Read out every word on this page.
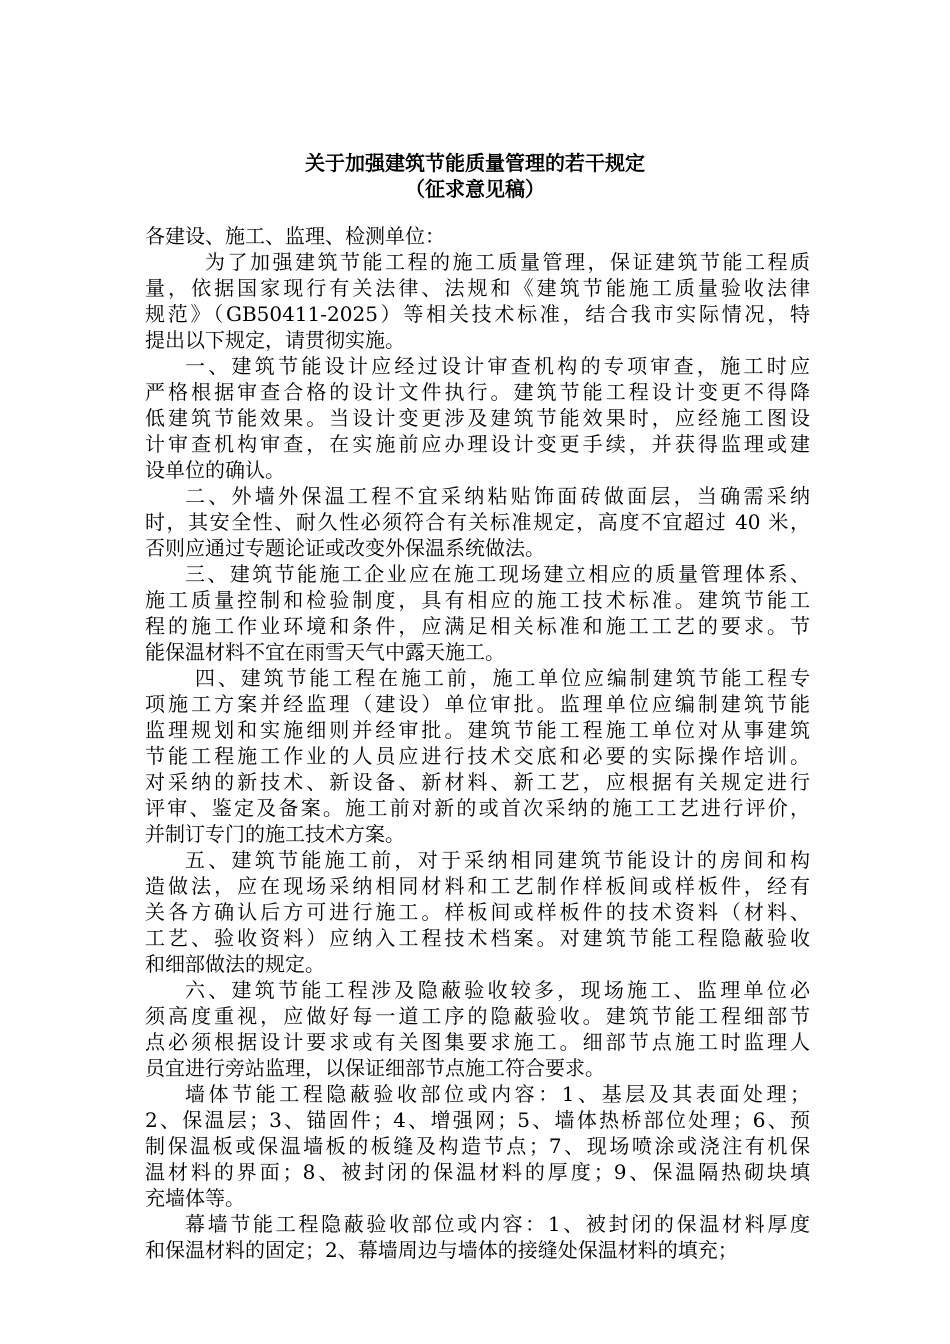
关于加强建筑节能质量管理的若干规定
（征求意见稿）
各建设、施工、监理、检测单位：
为了加强建筑节能工程的施工质量管理，保证建筑节能工程质
量，依据国家现行有关法律、法规和《建筑节能施工质量验收法律
规范》（GB50411-2025）等相关技术标准，结合我市实际情况，特
提出以下规定，请贯彻实施。
一、建筑节能设计应经过设计审查机构的专项审查，施工时应
严格根据审查合格的设计文件执行。建筑节能工程设计变更不得降
低建筑节能效果。当设计变更涉及建筑节能效果时，应经施工图设
计审查机构审查，在实施前应办理设计变更手续，并获得监理或建
设单位的确认。
二、外墙外保温工程不宜采纳粘贴饰面砖做面层，当确需采纳
时，其安全性、耐久性必须符合有关标准规定，高度不宜超过 40 米，
否则应通过专题论证或改变外保温系统做法。
三、建筑节能施工企业应在施工现场建立相应的质量管理体系、
施工质量控制和检验制度，具有相应的施工技术标准。建筑节能工
程的施工作业环境和条件，应满足相关标准和施工工艺的要求。节
能保温材料不宜在雨雪天气中露天施工。
四、建筑节能工程在施工前，施工单位应编制建筑节能工程专
项施工方案并经监理（建设）单位审批。监理单位应编制建筑节能
监理规划和实施细则并经审批。建筑节能工程施工单位对从事建筑
节能工程施工作业的人员应进行技术交底和必要的实际操作培训。
对采纳的新技术、新设备、新材料、新工艺，应根据有关规定进行
评审、鉴定及备案。施工前对新的或首次采纳的施工工艺进行评价，
并制订专门的施工技术方案。
五、建筑节能施工前，对于采纳相同建筑节能设计的房间和构
造做法，应在现场采纳相同材料和工艺制作样板间或样板件，经有
关各方确认后方可进行施工。样板间或样板件的技术资料（材料、
工艺、验收资料）应纳入工程技术档案。对建筑节能工程隐蔽验收
和细部做法的规定。
六、建筑节能工程涉及隐蔽验收较多，现场施工、监理单位必
须高度重视，应做好每一道工序的隐蔽验收。建筑节能工程细部节
点必须根据设计要求或有关图集要求施工。细部节点施工时监理人
员宜进行旁站监理，以保证细部节点施工符合要求。
墙体节能工程隐蔽验收部位或内容：1、基层及其表面处理；
2、保温层；3、锚固件；4、增强网；5、墙体热桥部位处理；6、预
制保温板或保温墙板的板缝及构造节点；7、现场喷涂或浇注有机保
温材料的界面；8、被封闭的保温材料的厚度；9、保温隔热砌块填
充墙体等。
幕墙节能工程隐蔽验收部位或内容：1、被封闭的保温材料厚度
和保温材料的固定；2、幕墙周边与墙体的接缝处保温材料的填充；
